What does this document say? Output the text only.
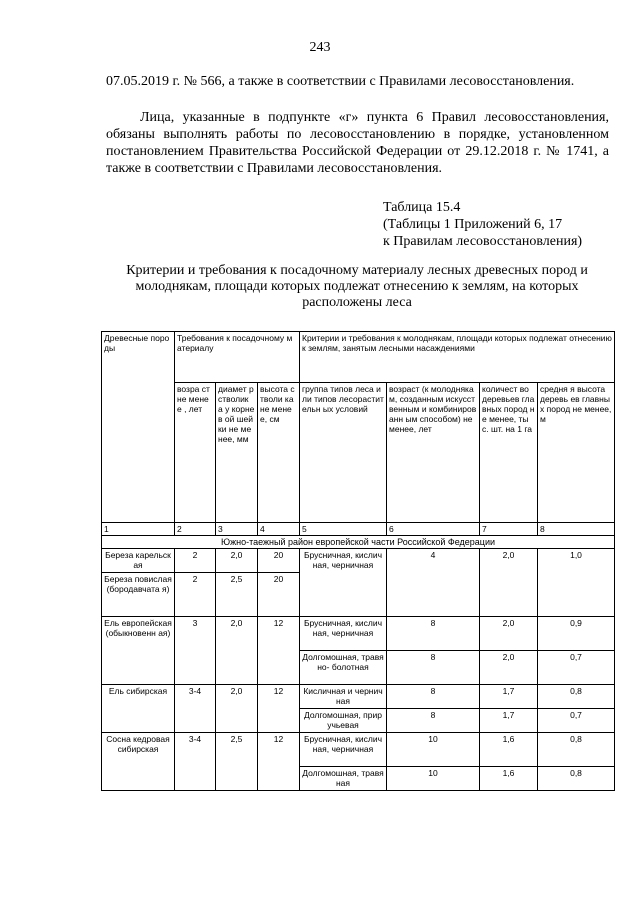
243
07.05.2019 г. № 566, а также в соответствии с Правилами лесовосстановления.
Лица, указанные в подпункте «г» пункта 6 Правил лесовосстановления, обязаны выполнять работы по лесовосстановлению в порядке, установленном постановлением Правительства Российской Федерации от 29.12.2018 г. № 1741, а также в соответствии с Правилами лесовосстановления.
Таблица 15.4
(Таблицы 1 Приложений 6, 17
к Правилам лесовосстановления)
Критерии и требования к посадочному материалу лесных древесных пород и молоднякам, площади которых подлежат отнесению к землям, на которых расположены леса
Древесные породы	Требования к посадочному материалу			Критерии и требования к молоднякам, площади которых подлежат отнесению к землям, занятым лесными насаждениями			
	возра ст не менее , лет	диамет р стволик а у корнев ой шейки не менее, мм	высота стволи ка не менее, см	группа типов леса или типов лесорастительн ых условий	возраст (к молоднякам, созданным искусственным и комбинированн ым способом) не менее, лет	количест во деревьев главных пород не менее, тыс. шт. на 1 га	средня я высота деревь ев главны х пород не менее, м
1	2	3	4	5	6	7	8
Южно-таежный район европейской части Российской Федерации							
Береза карельская	2	2,0	20	Брусничная, кисличная, черничная	4	2,0	1,0
Береза повислая (бородавчата я)	2	2,5	20				
Ель европейская (обыкновенн ая)	3	2,0	12	Брусничная, кисличная, черничная	8	2,0	0,9
				Долгомошная, травяно- болотная	8	2,0	0,7
Ель сибирская	3-4	2,0	12	Кисличная и черничная	8	1,7	0,8
				Долгомошная, приручьевая	8	1,7	0,7
Сосна кедровая сибирская	3-4	2,5	12	Брусничная, кисличная, черничная	10	1,6	0,8
				Долгомошная, травяная	10	1,6	0,8
